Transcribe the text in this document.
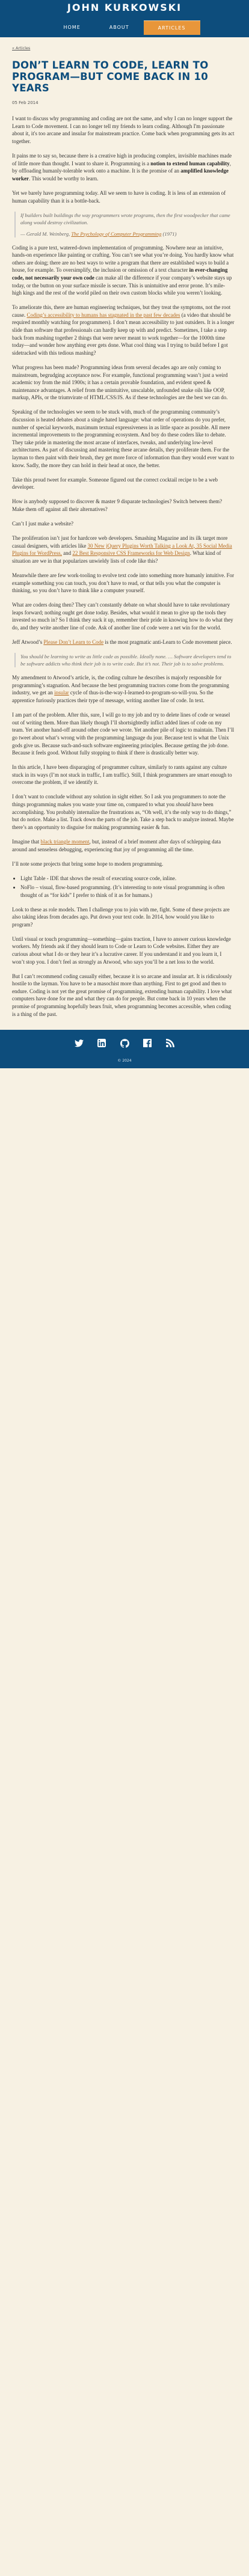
JOHN KURKOWSKI
HOME	ABOUT	ARTICLES
« Articles
DON’T LEARN TO CODE, LEARN TO PROGRAM—BUT COME BACK IN 10 YEARS
05 Feb 2014

I want to discuss why programming and coding are not the same, and why I can no longer support the Learn to Code movement. I can no longer tell my friends to learn coding. Although I'm passionate about it, it's too arcane and insular for mainstream practice. Come back when programming gets its act together.

It pains me to say so, because there is a creative high in producing complex, invisible machines made of little more than thought. I want to share it. Programming is a notion to extend human capability, by offloading humanly-tolerable work onto a machine. It is the promise of an amplified knowledge worker. This would be worthy to learn.

Yet we barely have programming today. All we seem to have is coding. It is less of an extension of human capability than it is a bottle-back.

If builders built buildings the way programmers wrote programs, then the first woodpecker that came along would destroy civilization.

— Gerald M. Weinberg, The Psychology of Computer Programming (1971)

Coding is a pure text, watered-down implementation of programming. Nowhere near an intuitive, hands-on experience like painting or crafting. You can’t see what you’re doing. You hardly know what others are doing; there are no best ways to write a program that there are established ways to build a house, for example. To oversimplify, the inclusion or omission of a text character in ever-changing code, not necessarily your own code can make all the difference if your company’s website stays up today, or the button on your surface missile is secure. This is unintuitive and error prone. It’s mile-high kings and the rest of the world piled on their own custom blocks while you weren’t looking.

To ameliorate this, there are human engineering techniques, but they treat the symptoms, not the root cause. Coding’s accessibility to humans has stagnated in the past few decades (a video that should be required monthly watching for programmers). I don’t mean accessibility to just outsiders. It is a longer slide than software that professionals can hardly keep up with and predict. Sometimes, I take a step back from mashing together 2 things that were never meant to work together—for the 1000th time today—and wonder how anything ever gets done. What cool thing was I trying to build before I got sidetracked with this tedious mashing?

What progress has been made? Programming ideas from several decades ago are only coming to mainstream, begrudging acceptance now. For example, functional programming wasn’t just a weird academic toy from the mid 1900s; it has a certain provable foundation, and evident speed & maintenance advantages. A relief from the unintuitive, unscalable, unfounded snake oils like OOP, markup, APIs, or the triumvirate of HTML/CSS/JS. As if these technologies are the best we can do.

Speaking of the technologies we seem to be stuck with, much of the programming community’s discussion is heated debates about a single hated language: what order of operations do you prefer, number of special keywords, maximum textual expressiveness in as little space as possible. All mere incremental improvements to the programming ecosystem. And boy do these coders like to debate. They take pride in mastering the most arcane of interfaces, tweaks, and underlying low-level architectures. As part of discussing and mastering these arcane details, they proliferate them. For the layman to then paint with their brush, they get more force of information than they would ever want to know. Sadly, the more they can hold in their head at once, the better.

Take this proud tweet for example. Someone figured out the correct cocktail recipe to be a web developer.

How is anybody supposed to discover & master 9 disparate technologies? Switch between them? Make them off against all their alternatives?

Can’t I just make a website?

The proliferation isn’t just for hardcore web developers. Smashing Magazine and its ilk target more casual designers, with articles like 30 New jQuery Plugins Worth Talking a Look At, 35 Social Media Plugins for WordPress, and 22 Best Responsive CSS Frameworks for Web Design. What kind of situation are we in that popularizes unwieldy lists of code like this?

Meanwhile there are few work-tooling to evolve text code into something more humanly intuitive. For example something you can touch, you don’t have to read, or that tells you what the computer is thinking, so you don’t have to think like a computer yourself.

What are coders doing then? They can’t constantly debate on what should have to take revolutionary leaps forward; nothing ought get done today. Besides, what would it mean to give up the tools they invested so much in? So I think they suck it up, remember their pride in knowing how to do what they do, and they write another line of code. Ask of another line of code were a net win for the world.

Jeff Atwood’s Please Don’t Learn to Code is the most pragmatic anti-Learn to Code movement piece.

You should be learning to write as little code as possible. Ideally none. … Software developers tend to be software addicts who think their job is to write code. But it’s not. Their job is to solve problems.

My amendment to Atwood’s article, is, the coding culture he describes is majorly responsible for programming’s stagnation. And because the best programming tractors come from the programming industry, we get an insular cycle of thus-is-the-way-I-learned-to-program-so-will-you. So the apprentice furiously practices their type of message, writing another line of code. In text.

I am part of the problem. After this, sure, I will go to my job and try to delete lines of code or weasel out of writing them. More than likely though I’ll shortsightedly inflict added lines of code on my team. Yet another hand-off around other code we wrote. Yet another pile of logic to maintain. Then I’ll go tweet about what’s wrong with the programming language du jour. Because text is what the Unix gods give us. Because such-and-such software engineering principles. Because getting the job done. Because it feels good. Without fully stopping to think if there is drastically better way.

In this article, I have been disparaging of programmer culture, similarly to rants against any culture stuck in its ways (I’m not stuck in traffic, I am traffic). Still, I think programmers are smart enough to overcome the problem, if we identify it.

I don’t want to conclude without any solution in sight either. So I ask you programmers to note the things programming makes you waste your time on, compared to what you should have been accomplishing. You probably internalize the frustrations as, “Oh well, it’s the only way to do things,” but do notice. Make a list. Track down the parts of the job. Take a step back to analyze instead. Maybe there’s an opportunity to disguise for making programming easier & fun.

Imagine that black triangle moment, but, instead of a brief moment after days of schlepping data around and senseless debugging, experiencing that joy of programming all the time.

I’ll note some projects that bring some hope to modern programming.

• Light Table - IDE that shows the result of executing source code, inline.
• NoFlo – visual, flow-based programming. (It’s interesting to note visual programming is often thought of as “for kids” I prefer to think of it as for humans.)

Look to these as role models. Then I challenge you to join with me, fight. Some of these projects are also taking ideas from decades ago. Put down your text code. In 2014, how would you like to program?

Until visual or touch programming—something—gains traction, I have to answer curious knowledge workers. My friends ask if they should learn to Code or Learn to Code websites. Either they are curious about what I do or they hear it’s a lucrative career. If you understand it and you learn it, I won’t stop you. I don’t feel as strongly as Atwood, who says you’ll be a net loss to the world.

But I can’t recommend coding casually either, because it is so arcane and insular art. It is ridiculously hostile to the layman. You have to be a masochist more than anything. First to get good and then to endure. Coding is not yet the great promise of programming, extending human capability. I love what computers have done for me and what they can do for people. But come back in 10 years when the promise of programming hopefully bears fruit, when programming becomes accessible, when coding is a thing of the past.

© 2024
